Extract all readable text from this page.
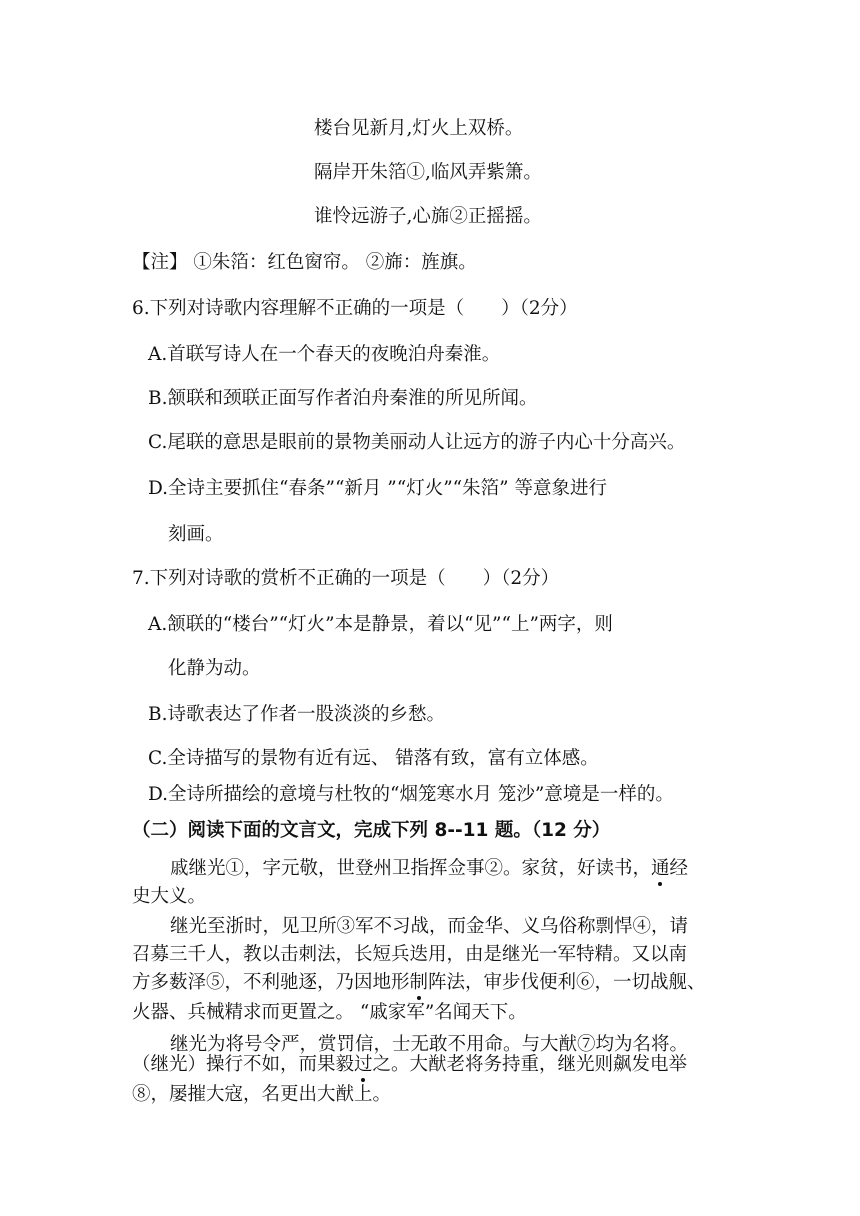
楼台见新月,灯火上双桥。
隔岸开朱箔①,临风弄紫箫。
谁怜远游子,心旆②正摇摇。
【注】 ①朱箔：红色窗帘。 ②旆：旌旗。
6.下列对诗歌内容理解不正确的一项是（　　）（2分）
A.首联写诗人在一个春天的夜晚泊舟秦淮。
B.颔联和颈联正面写作者泊舟秦淮的所见所闻。
C.尾联的意思是眼前的景物美丽动人让远方的游子内心十分高兴。
D.全诗主要抓住“春条”“新月 ”“灯火”“朱箔” 等意象进行
刻画。
7.下列对诗歌的赏析不正确的一项是（　　）（2分）
A.颔联的“楼台”“灯火”本是静景，着以“见”“上”两字，则
化静为动。
B.诗歌表达了作者一股淡淡的乡愁。
C.全诗描写的景物有近有远、 错落有致，富有立体感。
D.全诗所描绘的意境与杜牧的“烟笼寒水月 笼沙”意境是一样的。
（二）阅读下面的文言文，完成下列 8--11 题。（12 分）
戚继光①，字元敬，世登州卫指挥佥事②。家贫，好读书，通经
史大义。
继光至浙时，见卫所③军不习战，而金华、义乌俗称剽悍④，请
召募三千人，教以击刺法，长短兵迭用，由是继光一军特精。又以南
方多薮泽⑤，不利驰逐，乃因地形制阵法，审步伐便利⑥，一切战舰、
火器、兵械精求而更置之。 “戚家军”名闻天下。
继光为将号令严，赏罚信，士无敢不用命。与大猷⑦均为名将。
（继光）操行不如，而果毅过之。大猷老将务持重，继光则飙发电举
⑧，屡摧大寇，名更出大猷上。
